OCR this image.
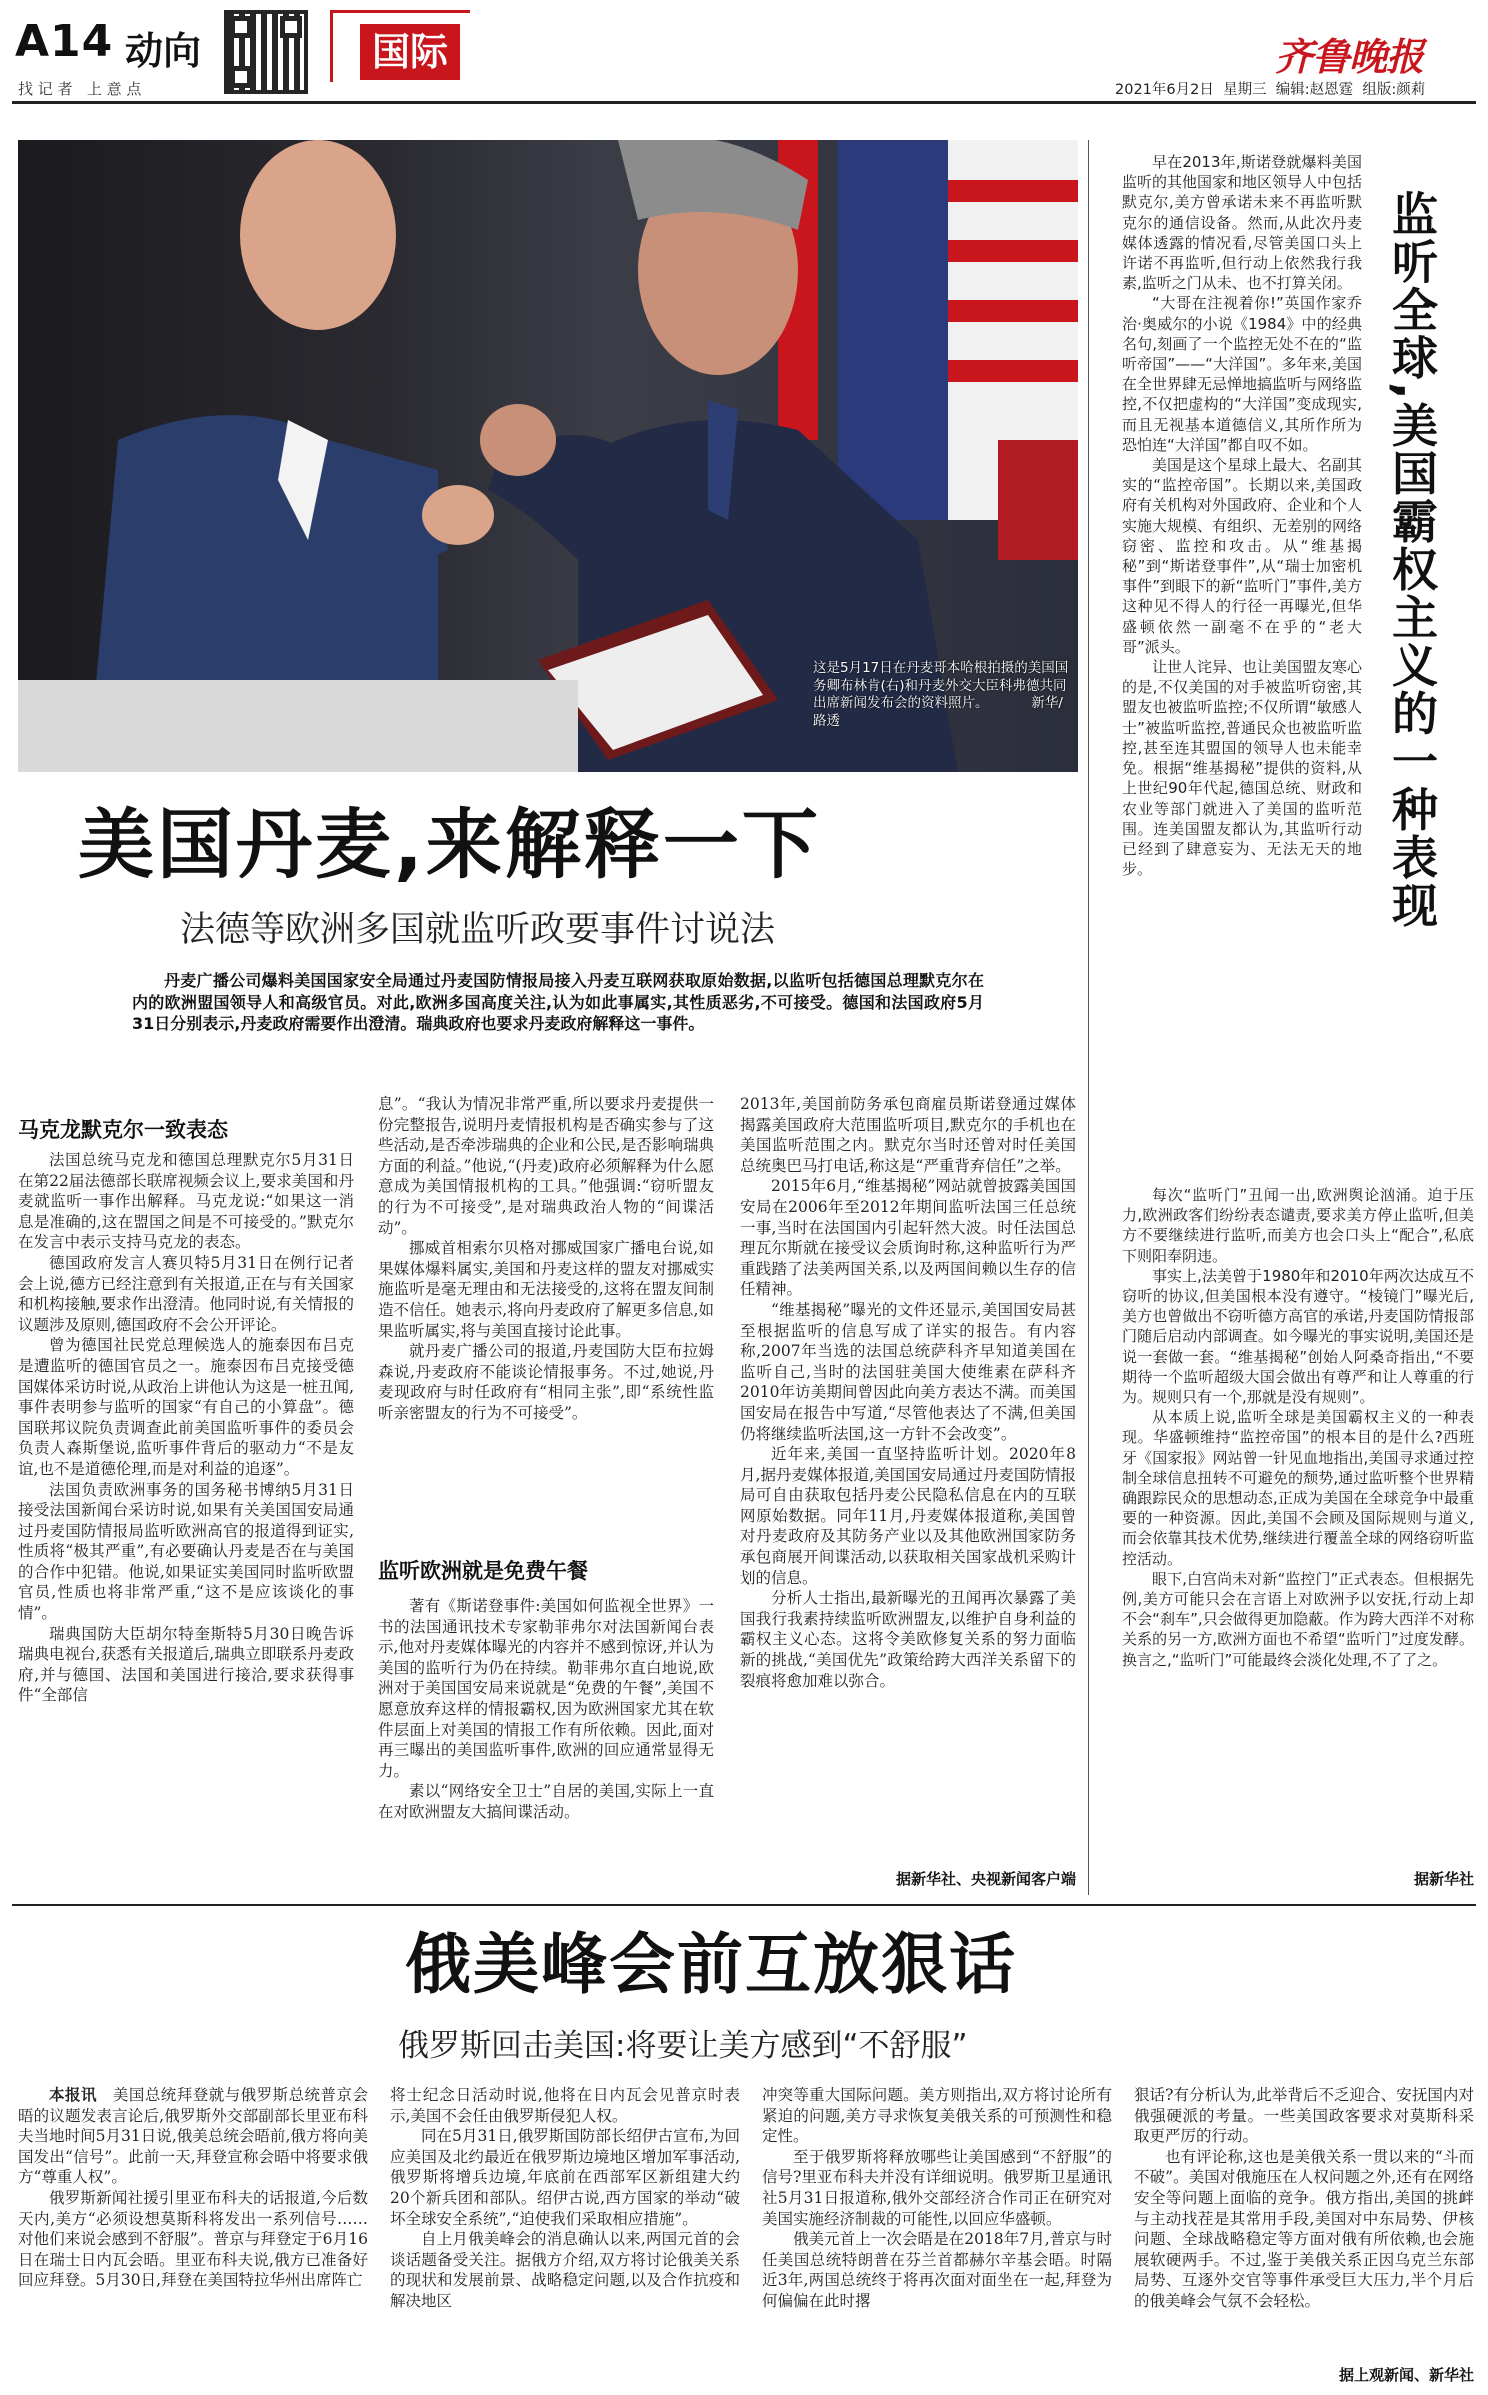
A14 动向	国际
找 记 者   上 意 点
齐鲁晚报
2021年6月2日  星期三  编辑:赵恩霆  组版:颜莉
这是5月17日在丹麦哥本哈根拍摄的美国国务卿布林肯(右)和丹麦外交大臣科弗德共同出席新闻发布会的资料照片。          新华/路透	监听全球,美国霸权主义的一种表现

早在2013年,斯诺登就爆料美国监听的其他国家和地区领导人中包括默克尔,美方曾承诺未来不再监听默克尔的通信设备。然而,从此次丹麦媒体透露的情况看,尽管美国口头上许诺不再监听,但行动上依然我行我素,监听之门从未、也不打算关闭。

“大哥在注视着你!”英国作家乔治·奥威尔的小说《1984》中的经典名句,刻画了一个监控无处不在的“监听帝国”——“大洋国”。多年来,美国在全世界肆无忌惮地搞监听与网络监控,不仅把虚构的“大洋国”变成现实,而且无视基本道德信义,其所作所为恐怕连“大洋国”都自叹不如。

美国是这个星球上最大、名副其实的“监控帝国”。长期以来,美国政府有关机构对外国政府、企业和个人实施大规模、有组织、无差别的网络窃密、监控和攻击。从“维基揭秘”到“斯诺登事件”,从“瑞士加密机事件”到眼下的新“监听门”事件,美方这种见不得人的行径一再曝光,但华盛顿依然一副毫不在乎的“老大哥”派头。

让世人诧异、也让美国盟友寒心的是,不仅美国的对手被监听窃密,其盟友也被监听监控;不仅所谓“敏感人士”被监听监控,普通民众也被监听监控,甚至连其盟国的领导人也未能幸免。根据“维基揭秘”提供的资料,从上世纪90年代起,德国总统、财政和农业等部门就进入了美国的监听范围。连美国盟友都认为,其监听行动已经到了肆意妄为、无法无天的地步。

每次“监听门”丑闻一出,欧洲舆论汹涌。迫于压力,欧洲政客们纷纷表态谴责,要求美方停止监听,但美方不要继续进行监听,而美方也会口头上“配合”,私底下则阳奉阴违。

事实上,法美曾于1980年和2010年两次达成互不窃听的协议,但美国根本没有遵守。“棱镜门”曝光后,美方也曾做出不窃听德方高官的承诺,丹麦国防情报部门随后启动内部调查。如今曝光的事实说明,美国还是说一套做一套。“维基揭秘”创始人阿桑奇指出,“不要期待一个监听超级大国会做出有尊严和让人尊重的行为。规则只有一个,那就是没有规则”。

从本质上说,监听全球是美国霸权主义的一种表现。华盛顿维持“监控帝国”的根本目的是什么?西班牙《国家报》网站曾一针见血地指出,美国寻求通过控制全球信息扭转不可避免的颓势,通过监听整个世界精确跟踪民众的思想动态,正成为美国在全球竞争中最重要的一种资源。因此,美国不会顾及国际规则与道义,而会依靠其技术优势,继续进行覆盖全球的网络窃听监控活动。

眼下,白宫尚未对新“监控门”正式表态。但根据先例,美方可能只会在言语上对欧洲予以安抚,行动上却不会“刹车”,只会做得更加隐蔽。作为跨大西洋不对称关系的另一方,欧洲方面也不希望“监听门”过度发酵。换言之,“监听门”可能最终会淡化处理,不了了之。

据新华社
美国丹麦,来解释一下
法德等欧洲多国就监听政要事件讨说法
丹麦广播公司爆料美国国家安全局通过丹麦国防情报局接入丹麦互联网获取原始数据,以监听包括德国总理默克尔在内的欧洲盟国领导人和高级官员。对此,欧洲多国高度关注,认为如此事属实,其性质恶劣,不可接受。德国和法国政府5月31日分别表示,丹麦政府需要作出澄清。瑞典政府也要求丹麦政府解释这一事件。
马克龙默克尔一致表态

法国总统马克龙和德国总理默克尔5月31日在第22届法德部长联席视频会议上,要求美国和丹麦就监听一事作出解释。马克龙说:“如果这一消息是准确的,这在盟国之间是不可接受的。”默克尔在发言中表示支持马克龙的表态。

德国政府发言人赛贝特5月31日在例行记者会上说,德方已经注意到有关报道,正在与有关国家和机构接触,要求作出澄清。他同时说,有关情报的议题涉及原则,德国政府不会公开评论。

曾为德国社民党总理候选人的施泰因布吕克是遭监听的德国官员之一。施泰因布吕克接受德国媒体采访时说,从政治上讲他认为这是一桩丑闻,事件表明参与监听的国家“有自己的小算盘”。德国联邦议院负责调查此前美国监听事件的委员会负责人森斯堡说,监听事件背后的驱动力“不是友谊,也不是道德伦理,而是对利益的追逐”。

法国负责欧洲事务的国务秘书博纳5月31日接受法国新闻台采访时说,如果有关美国国安局通过丹麦国防情报局监听欧洲高官的报道得到证实,性质将“极其严重”,有必要确认丹麦是否在与美国的合作中犯错。他说,如果证实美国同时监听欧盟官员,性质也将非常严重,“这不是应该谈化的事情”。

瑞典国防大臣胡尔特奎斯特5月30日晚告诉瑞典电视台,获悉有关报道后,瑞典立即联系丹麦政府,并与德国、法国和美国进行接洽,要求获得事件“全部信

息”。“我认为情况非常严重,所以要求丹麦提供一份完整报告,说明丹麦情报机构是否确实参与了这些活动,是否牵涉瑞典的企业和公民,是否影响瑞典方面的利益。”他说,“(丹麦)政府必须解释为什么愿意成为美国情报机构的工具。”他强调:“窃听盟友的行为不可接受”,是对瑞典政治人物的“间谍活动”。

挪威首相索尔贝格对挪威国家广播电台说,如果媒体爆料属实,美国和丹麦这样的盟友对挪威实施监听是毫无理由和无法接受的,这将在盟友间制造不信任。她表示,将向丹麦政府了解更多信息,如果监听属实,将与美国直接讨论此事。

就丹麦广播公司的报道,丹麦国防大臣布拉姆森说,丹麦政府不能谈论情报事务。不过,她说,丹麦现政府与时任政府有“相同主张”,即“系统性监听亲密盟友的行为不可接受”。

监听欧洲就是免费午餐

著有《斯诺登事件:美国如何监视全世界》一书的法国通讯技术专家勒菲弗尔对法国新闻台表示,他对丹麦媒体曝光的内容并不感到惊讶,并认为美国的监听行为仍在持续。勒菲弗尔直白地说,欧洲对于美国国安局来说就是“免费的午餐”,美国不愿意放弃这样的情报霸权,因为欧洲国家尤其在软件层面上对美国的情报工作有所依赖。因此,面对再三曝出的美国监听事件,欧洲的回应通常显得无力。

素以“网络安全卫士”自居的美国,实际上一直在对欧洲盟友大搞间谍活动。

2013年,美国前防务承包商雇员斯诺登通过媒体揭露美国政府大范围监听项目,默克尔的手机也在美国监听范围之内。默克尔当时还曾对时任美国总统奥巴马打电话,称这是“严重背弃信任”之举。

2015年6月,“维基揭秘”网站就曾披露美国国安局在2006年至2012年期间监听法国三任总统一事,当时在法国国内引起轩然大波。时任法国总理瓦尔斯就在接受议会质询时称,这种监听行为严重践踏了法美两国关系,以及两国间赖以生存的信任精神。

“维基揭秘”曝光的文件还显示,美国国安局甚至根据监听的信息写成了详实的报告。有内容称,2007年当选的法国总统萨科齐早知道美国在监听自己,当时的法国驻美国大使维素在萨科齐2010年访美期间曾因此向美方表达不满。而美国国安局在报告中写道,“尽管他表达了不满,但美国仍将继续监听法国,这一方针不会改变”。

近年来,美国一直坚持监听计划。2020年8月,据丹麦媒体报道,美国国安局通过丹麦国防情报局可自由获取包括丹麦公民隐私信息在内的互联网原始数据。同年11月,丹麦媒体报道称,美国曾对丹麦政府及其防务产业以及其他欧洲国家防务承包商展开间谍活动,以获取相关国家战机采购计划的信息。

分析人士指出,最新曝光的丑闻再次暴露了美国我行我素持续监听欧洲盟友,以维护自身利益的霸权主义心态。这将令美欧修复关系的努力面临新的挑战,“美国优先”政策给跨大西洋关系留下的裂痕将愈加难以弥合。

据新华社、央视新闻客户端
俄美峰会前互放狠话
俄罗斯回击美国:将要让美方感到“不舒服”

本报讯  美国总统拜登就与俄罗斯总统普京会晤的议题发表言论后,俄罗斯外交部副部长里亚布科夫当地时间5月31日说,俄美总统会晤前,俄方将向美国发出“信号”。此前一天,拜登宣称会晤中将要求俄方“尊重人权”。

俄罗斯新闻社援引里亚布科夫的话报道,今后数天内,美方“必须设想莫斯科将发出一系列信号……对他们来说会感到不舒服”。普京与拜登定于6月16日在瑞士日内瓦会晤。里亚布科夫说,俄方已准备好回应拜登。5月30日,拜登在美国特拉华州出席阵亡

将士纪念日活动时说,他将在日内瓦会见普京时表示,美国不会任由俄罗斯侵犯人权。

同在5月31日,俄罗斯国防部长绍伊古宣布,为回应美国及北约最近在俄罗斯边境地区增加军事活动,俄罗斯将增兵边境,年底前在西部军区新组建大约20个新兵团和部队。绍伊古说,西方国家的举动“破坏全球安全系统”,“迫使我们采取相应措施”。

自上月俄美峰会的消息确认以来,两国元首的会谈话题备受关注。据俄方介绍,双方将讨论俄美关系的现状和发展前景、战略稳定问题,以及合作抗疫和解决地区

冲突等重大国际问题。美方则指出,双方将讨论所有紧迫的问题,美方寻求恢复美俄关系的可预测性和稳定性。

至于俄罗斯将释放哪些让美国感到“不舒服”的信号?里亚布科夫并没有详细说明。俄罗斯卫星通讯社5月31日报道称,俄外交部经济合作司正在研究对美国实施经济制裁的可能性,以回应华盛顿。

俄美元首上一次会晤是在2018年7月,普京与时任美国总统特朗普在芬兰首都赫尔辛基会晤。时隔近3年,两国总统终于将再次面对面坐在一起,拜登为何偏偏在此时撂

狠话?有分析认为,此举背后不乏迎合、安抚国内对俄强硬派的考量。一些美国政客要求对莫斯科采取更严厉的行动。

也有评论称,这也是美俄关系一贯以来的“斗而不破”。美国对俄施压在人权问题之外,还有在网络安全等问题上面临的竞争。俄方指出,美国的挑衅与主动找茬是其常用手段,美国对中东局势、伊核问题、全球战略稳定等方面对俄有所依赖,也会施展软硬两手。不过,鉴于美俄关系正因乌克兰东部局势、互逐外交官等事件承受巨大压力,半个月后的俄美峰会气氛不会轻松。

据上观新闻、新华社
